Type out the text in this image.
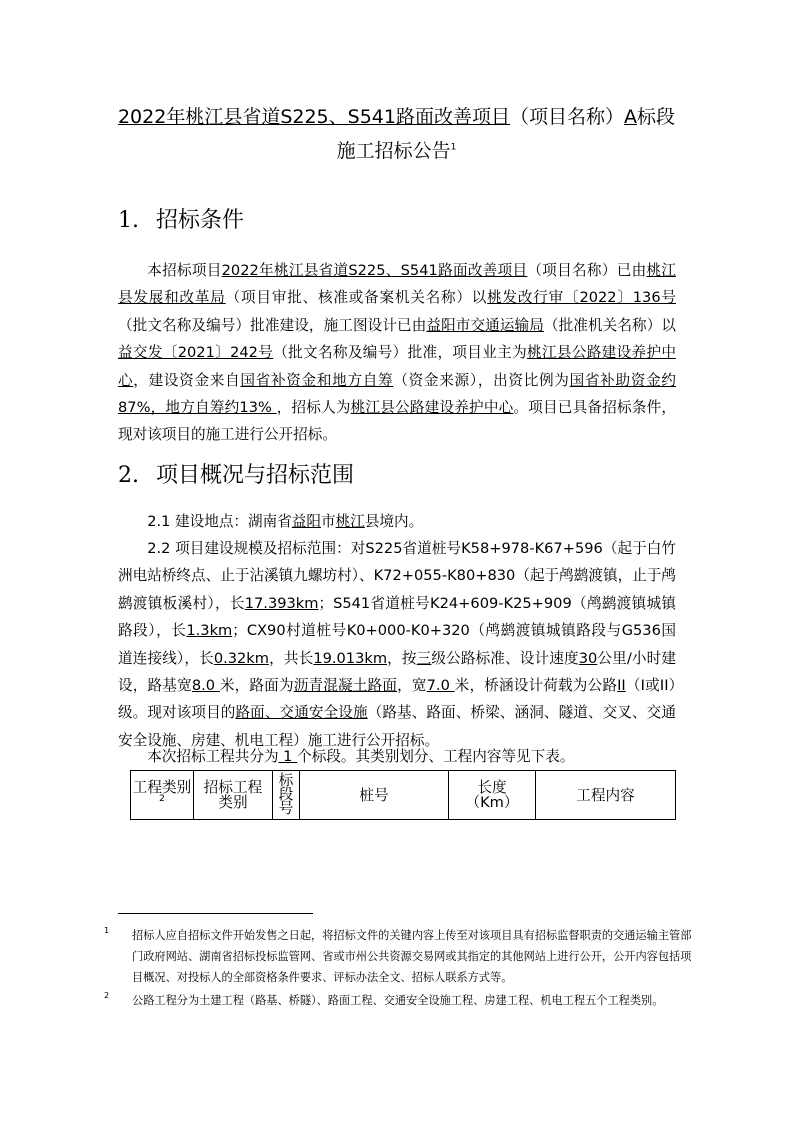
2022年桃江县省道S225、S541路面改善项目（项目名称）A标段施工招标公告$^1$
1. 招标条件
本招标项目2022年桃江县省道S225、S541路面改善项目（项目名称）已由桃江县发展和改革局（项目审批、核准或备案机关名称）以桃发改行审〔2022〕136号（批文名称及编号）批准建设，施工图设计已由益阳市交通运输局（批准机关名称）以 益交发〔2021〕242号（批文名称及编号）批准，项目业主为桃江县公路建设养护中心，建设资金来自国省补资金和地方自筹（资金来源），出资比例为国省补助资金约87%，地方自筹约13% ，招标人为桃江县公路建设养护中心。项目已具备招标条件，现对该项目的施工进行公开招标。
2. 项目概况与招标范围
2.1 建设地点：湖南省益阳市桃江县境内。
2.2 项目建设规模及招标范围：对S225省道桩号K58+978-K67+596（起于白竹洲电站桥终点、止于沾溪镇九螺坊村）、K72+055-K80+830（起于鸬鹚渡镇，止于鸬鹚渡镇板溪村），长17.393km；S541省道桩号K24+609-K25+909（鸬鹚渡镇城镇路段），长1.3km；CX90村道桩号K0+000-K0+320（鸬鹚渡镇城镇路段与G536国道连接线），长0.32km，共长19.013km，按三级公路标准、设计速度30公里/小时建设，路基宽8.0 米，路面为沥青混凝土路面，宽7.0 米，桥涵设计荷载为公路II（I或II）级。现对该项目的路面、交通安全设施（路基、路面、桥梁、涵洞、隧道、交叉、交通安全设施、房建、机电工程）施工进行公开招标。
本次招标工程共分为 1 个标段。其类别划分、工程内容等见下表。
工程类别$^2$	招标工程类别	标段号	桩号	长度（Km）	工程内容
1 招标人应自招标文件开始发售之日起，将招标文件的关键内容上传至对该项目具有招标监督职责的交通运输主管部门政府网站、湖南省招标投标监管网、省或市州公共资源交易网或其指定的其他网站上进行公开，公开内容包括项目概况、对投标人的全部资格条件要求、评标办法全文、招标人联系方式等。
2 公路工程分为土建工程（路基、桥隧）、路面工程、交通安全设施工程、房建工程、机电工程五个工程类别。
